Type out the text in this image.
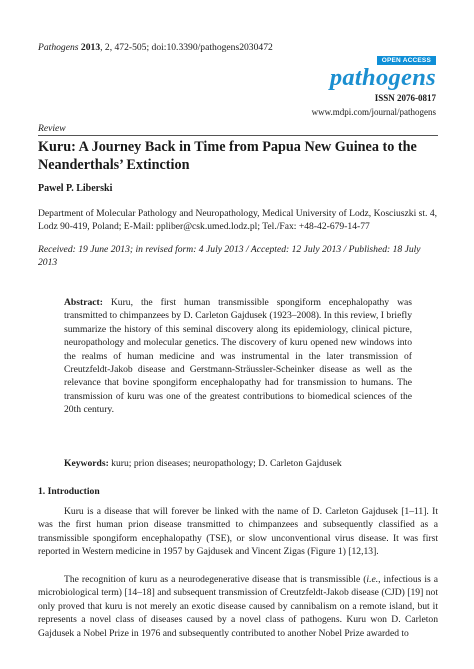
Pathogens 2013, 2, 472-505; doi:10.3390/pathogens2030472
OPEN ACCESS
pathogens
ISSN 2076-0817
www.mdpi.com/journal/pathogens
Review
Kuru: A Journey Back in Time from Papua New Guinea to the Neanderthals’ Extinction
Pawel P. Liberski
Department of Molecular Pathology and Neuropathology, Medical University of Lodz, Kosciuszki st. 4, Lodz 90-419, Poland; E-Mail: ppliber@csk.umed.lodz.pl; Tel./Fax: +48-42-679-14-77
Received: 19 June 2013; in revised form: 4 July 2013 / Accepted: 12 July 2013 / Published: 18 July 2013
Abstract: Kuru, the first human transmissible spongiform encephalopathy was transmitted to chimpanzees by D. Carleton Gajdusek (1923–2008). In this review, I briefly summarize the history of this seminal discovery along its epidemiology, clinical picture, neuropathology and molecular genetics. The discovery of kuru opened new windows into the realms of human medicine and was instrumental in the later transmission of Creutzfeldt-Jakob disease and Gerstmann-Sträussler-Scheinker disease as well as the relevance that bovine spongiform encephalopathy had for transmission to humans. The transmission of kuru was one of the greatest contributions to biomedical sciences of the 20th century.
Keywords: kuru; prion diseases; neuropathology; D. Carleton Gajdusek
1. Introduction
Kuru is a disease that will forever be linked with the name of D. Carleton Gajdusek [1–11]. It was the first human prion disease transmitted to chimpanzees and subsequently classified as a transmissible spongiform encephalopathy (TSE), or slow unconventional virus disease. It was first reported in Western medicine in 1957 by Gajdusek and Vincent Zigas (Figure 1) [12,13].
The recognition of kuru as a neurodegenerative disease that is transmissible (i.e., infectious is a microbiological term) [14–18] and subsequent transmission of Creutzfeldt-Jakob disease (CJD) [19] not only proved that kuru is not merely an exotic disease caused by cannibalism on a remote island, but it represents a novel class of diseases caused by a novel class of pathogens. Kuru won D. Carleton Gajdusek a Nobel Prize in 1976 and subsequently contributed to another Nobel Prize awarded to
